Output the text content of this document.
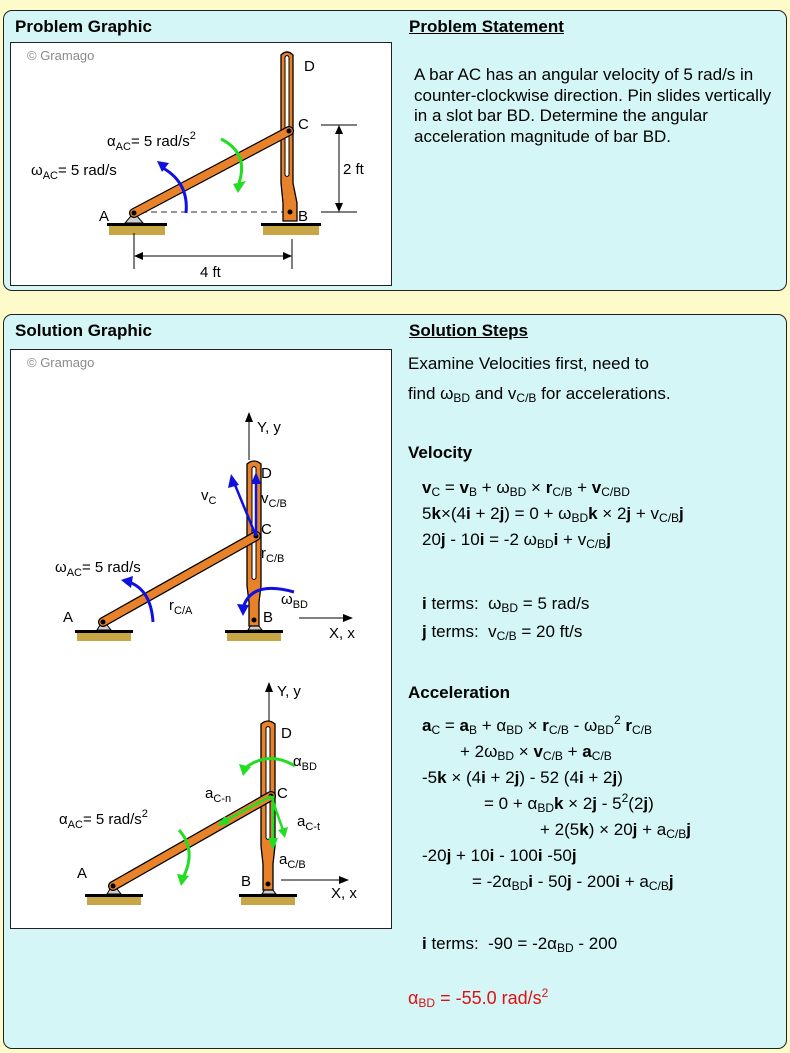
Problem Graphic	Problem Statement
© Gramago
A	B
C
D
2 ft
4 ft
$\alpha_{AC}= 5$ rad/$s^2$
$\omega_{AC}= 5$ rad/s
A bar AC has an angular velocity of 5 rad/s in counter-clockwise direction. Pin slides vertically in a slot bar BD. Determine the angular acceleration magnitude of bar BD.
Solution Graphic	Solution Steps
© Gramago
Y, y
X, x
D
$v_C$	$v_{C/B}$
C
$r_{C/B}$
$\omega_{AC}= 5$ rad/s
$r_{C/A}$
$\omega_{BD}$
A	B
Y, y
X, x
D
$\alpha_{BD}$
$a_{C-n}$	C
$a_{C-t}$
$a_{C/B}$
$\alpha_{AC}= 5$ rad/$s^2$
A	B
Examine Velocities first, need to
find $\omega_{BD}$ and $v_{C/B}$ for accelerations.
Velocity
$v_C = v_B + \omega_{BD} \times r_{C/B} + v_{C/BD}$
$5k\times(4i + 2j) = 0 + \omega_{BD}k \times 2j + v_{C/B}j$
20j - 10i = -2 $\omega_{BD}i + v_{C/B}j$
i terms:  $\omega_{BD} = 5$ rad/s
j terms:  $v_{C/B} = 20$ ft/s
Acceleration
$a_C = a_B + \alpha_{BD} \times r_{C/B} - \omega_{BD}^2$ $r_{C/B}$
+ $2\omega_{BD} \times v_{C/B} + a_{C/B}$
-5k × (4i + 2j) - 52 (4i + 2j)
= $0 + \alpha_{BD}k \times 2j - 5^2(2j)$
+ $2(5k) \times 20j + a_{C/B}j$
-20j + 10i - 100i -50j
= $-2\alpha_{BD}i - 50j - 200i + a_{C/B}j$
i terms:  $-90 = -2\alpha_{BD} - 200$
$\alpha_{BD} = -55.0$ rad/$s^2$
